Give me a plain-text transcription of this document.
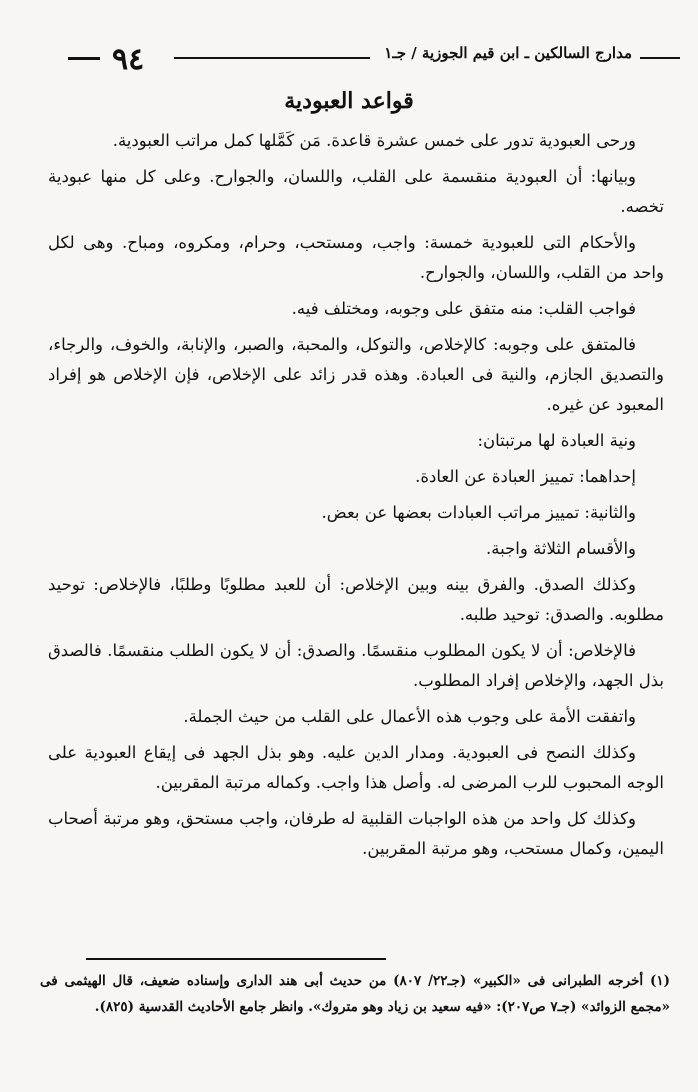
٩٤	مدارج السالكين ـ ابن قيم الجوزية / جـ١
قواعد العبودية

ورحى العبودية تدور على خمس عشرة قاعدة. مَن كَمَّلها كمل مراتب العبودية.

وبيانها: أن العبودية منقسمة على القلب، واللسان، والجوارح. وعلى كل منها عبودية تخصه.

والأحكام التى للعبودية خمسة: واجب، ومستحب، وحرام، ومكروه، ومباح. وهى لكل واحد من القلب، واللسان، والجوارح.

فواجب القلب: منه متفق على وجوبه، ومختلف فيه.

فالمتفق على وجوبه: كالإخلاص، والتوكل، والمحبة، والصبر، والإنابة، والخوف، والرجاء، والتصديق الجازم، والنية فى العبادة. وهذه قدر زائد على الإخلاص، فإن الإخلاص هو إفراد المعبود عن غيره.

ونية العبادة لها مرتبتان:

إحداهما: تمييز العبادة عن العادة.

والثانية: تمييز مراتب العبادات بعضها عن بعض.

والأقسام الثلاثة واجبة.

وكذلك الصدق. والفرق بينه وبين الإخلاص: أن للعبد مطلوبًا وطلبًا، فالإخلاص: توحيد مطلوبه. والصدق: توحيد طلبه.

فالإخلاص: أن لا يكون المطلوب منقسمًا. والصدق: أن لا يكون الطلب منقسمًا. فالصدق بذل الجهد، والإخلاص إفراد المطلوب.

واتفقت الأمة على وجوب هذه الأعمال على القلب من حيث الجملة.

وكذلك النصح فى العبودية. ومدار الدين عليه. وهو بذل الجهد فى إيقاع العبودية على الوجه المحبوب للرب المرضى له. وأصل هذا واجب. وكماله مرتبة المقربين.

وكذلك كل واحد من هذه الواجبات القلبية له طرفان، واجب مستحق، وهو مرتبة أصحاب اليمين، وكمال مستحب، وهو مرتبة المقربين.

(١) أخرجه الطبرانى فى «الكبير» (جـ٢٢/ ٨٠٧) من حديث أبى هند الدارى وإسناده ضعيف، قال الهيثمى فى «مجمع الزوائد» (جـ٧ ص٢٠٧): «فيه سعيد بن زياد وهو متروك». وانظر جامع الأحاديث القدسية (٨٢٥).
